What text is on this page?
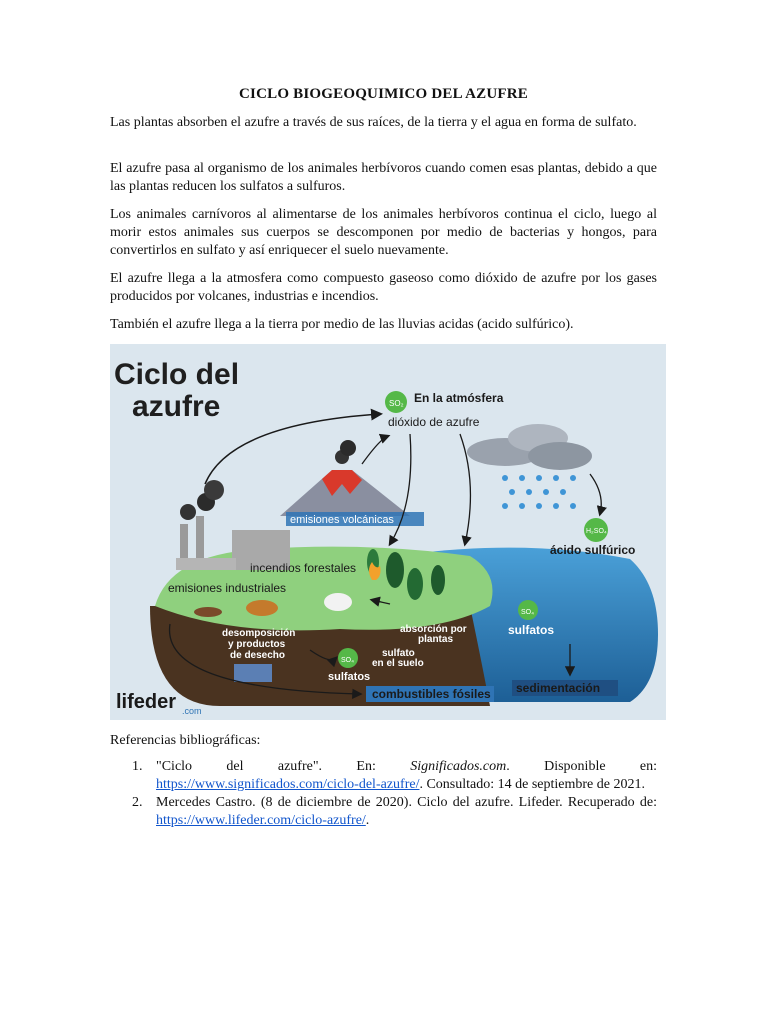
CICLO BIOGEOQUIMICO DEL AZUFRE

Las plantas absorben el azufre a través de sus raíces, de la tierra y el agua en forma de sulfato.

El azufre pasa al organismo de los animales herbívoros cuando comen esas plantas, debido a que las plantas reducen los sulfatos a sulfuros.

Los animales carnívoros al alimentarse de los animales herbívoros continua el ciclo, luego al morir estos animales sus cuerpos se descomponen por medio de bacterias y hongos, para convertirlos en sulfato y así enriquecer el suelo nuevamente.

El azufre llega a la atmosfera como compuesto gaseoso como dióxido de azufre por los gases producidos por volcanes, industrias e incendios.

También el azufre llega a la tierra por medio de las lluvias acidas (acido sulfúrico).

Ciclo del
azufre
emisiones volcánicas
incendios forestales
emisiones industriales
SO₂ En la atmósfera
dióxido de azufre
H₂SO₄
ácido sulfúrico
SO₄
sulfatos
SO₄
sulfatos
desomposición
y productos
de desecho
absorción por
plantas
sulfato
en el suelo
combustibles fósiles sedimentación
lifeder .com
Referencias bibliográficas:
1. "Ciclo del azufre". En: Significados.com. Disponible en: https://www.significados.com/ciclo-del-azufre/. Consultado: 14 de septiembre de 2021.
2. Mercedes Castro. (8 de diciembre de 2020). Ciclo del azufre. Lifeder. Recuperado de: https://www.lifeder.com/ciclo-azufre/.
